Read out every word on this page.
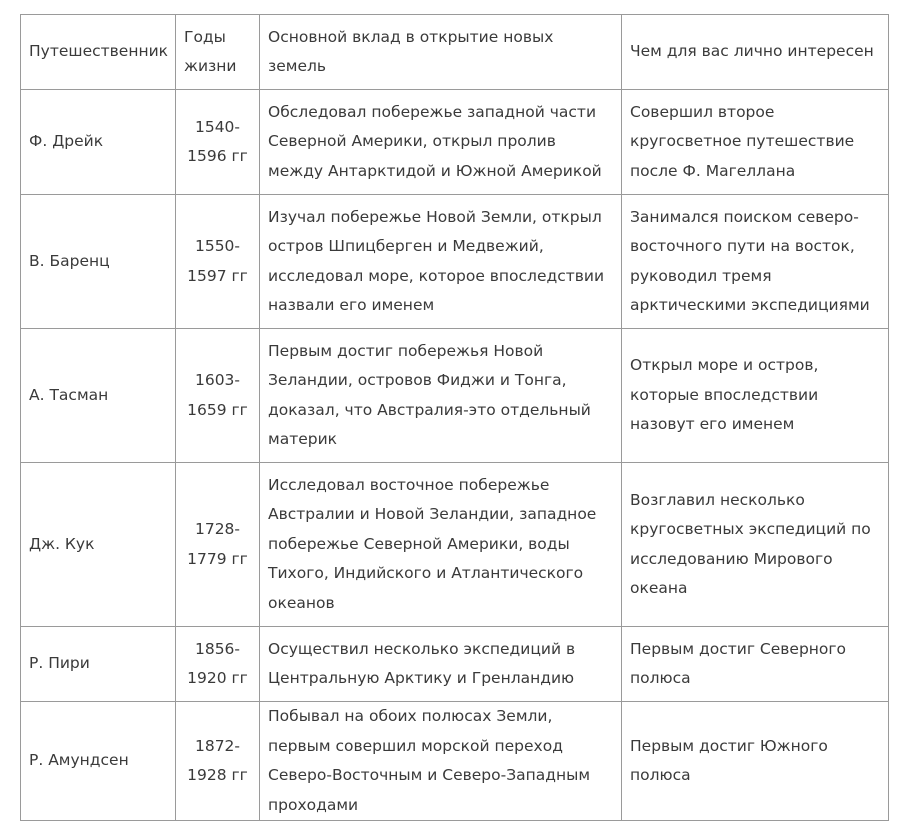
Путешественник	Годы жизни	Основной вклад в открытие новых земель	Чем для вас лично интересен
Ф. Дрейк	1540-1596 гг	Обследовал побережье западной части Северной Америки, открыл пролив между Антарктидой и Южной Америкой	Совершил второе кругосветное путешествие после Ф. Магеллана
В. Баренц	1550-1597 гг	Изучал побережье Новой Земли, открыл остров Шпицберген и Медвежий, исследовал море, которое впоследствии назвали его именем	Занимался поиском северо-восточного пути на восток, руководил тремя арктическими экспедициями
А. Тасман	1603-1659 гг	Первым достиг побережья Новой Зеландии, островов Фиджи и Тонга, доказал, что Австралия-это отдельный материк	Открыл море и остров, которые впоследствии назовут его именем
Дж. Кук	1728-1779 гг	Исследовал восточное побережье Австралии и Новой Зеландии, западное побережье Северной Америки, воды Тихого, Индийского и Атлантического океанов	Возглавил несколько кругосветных экспедиций по исследованию Мирового океана
Р. Пири	1856-1920 гг	Осуществил несколько экспедиций в Центральную Арктику и Гренландию	Первым достиг Северного полюса
Р. Амундсен	1872-1928 гг	Побывал на обоих полюсах Земли, первым совершил морской переход Северо-Восточным и Северо-Западным проходами	Первым достиг Южного полюса
